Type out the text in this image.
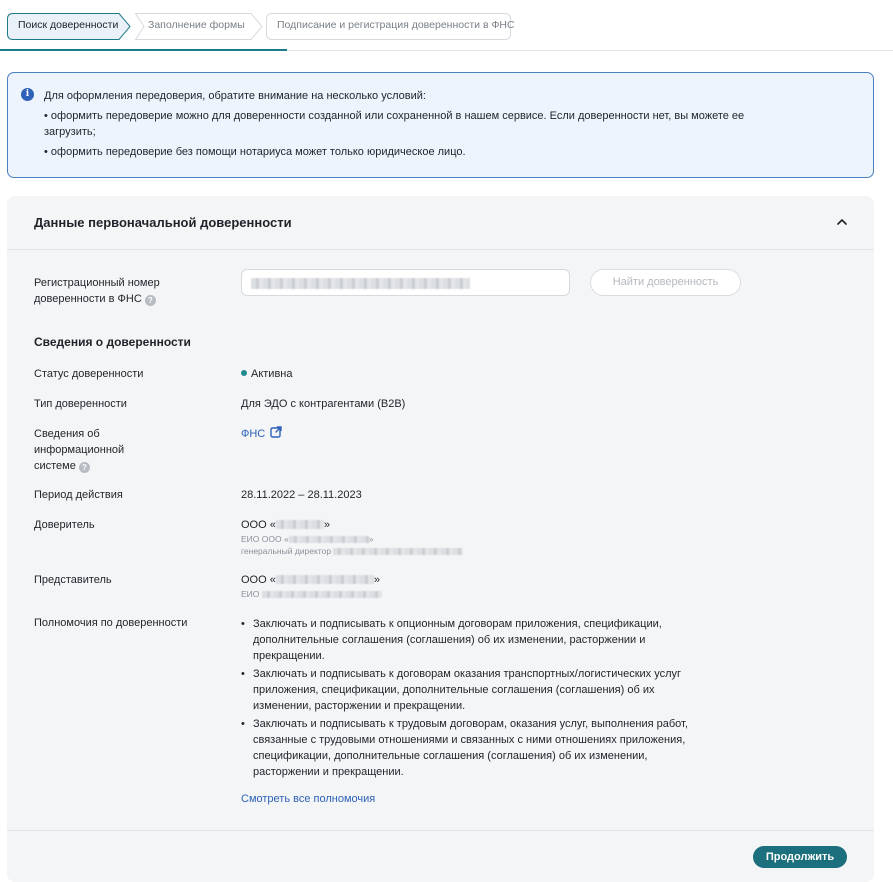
Поиск доверенности	Заполнение формы	Подписание и регистрация доверенности в ФНС
i	Для оформления передоверия, обратите внимание на несколько условий:

• оформить передоверие можно для доверенности созданной или сохраненной в нашем сервисе. Если доверенности нет, вы можете ее загрузить;

• оформить передоверие без помощи нотариуса может только юридическое лицо.

Данные первоначальной доверенности
Регистрационный номер доверенности в ФНС ?
Найти доверенность
Сведения о доверенности
Статус доверенности	Активна
Тип доверенности	Для ЭДО с контрагентами (B2B)
Сведения об информационной системе ?
ФНС
Период действия	28.11.2022 – 28.11.2023
Доверитель	ООО «	»
ЕИО ООО «	»
генеральный директор
Представитель	ООО «	»
ЕИО
Полномочия по доверенности
•	Заключать и подписывать к опционным договорам приложения, спецификации, дополнительные соглашения (соглашения) об их изменении, расторжении и прекращении.
• Заключать и подписывать к договорам оказания транспортных/логистических услуг приложения, спецификации, дополнительные соглашения (соглашения) об их изменении, расторжении и прекращении.
• Заключать и подписывать к трудовым договорам, оказания услуг, выполнения работ, связанные с трудовыми отношениями и связанных с ними отношениях приложения, спецификации, дополнительные соглашения (соглашения) об их изменении, расторжении и прекращении.
Смотреть все полномочия
Продолжить
